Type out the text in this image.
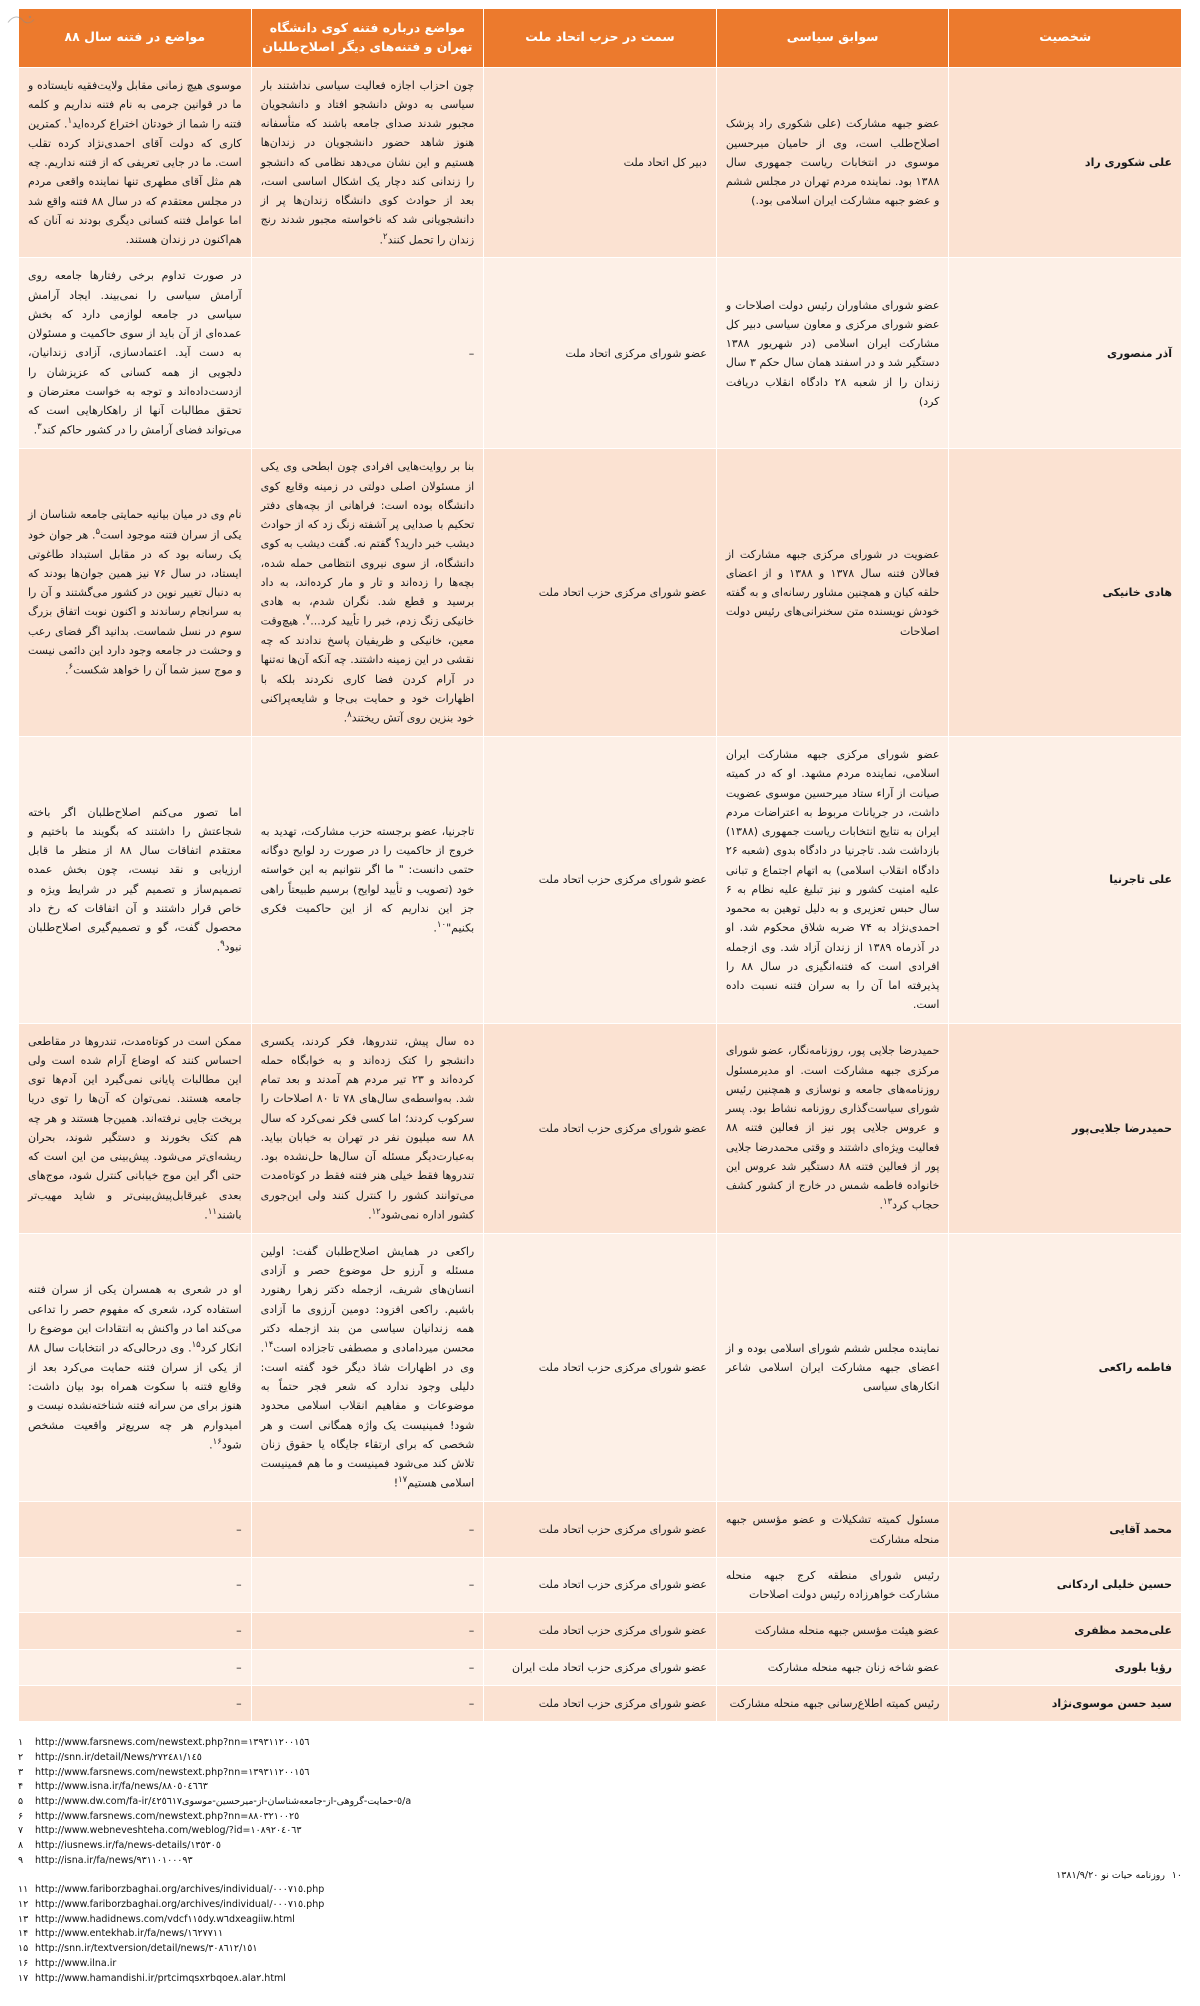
شخصیت	سوابق سیاسی	سمت در حزب اتحاد ملت	مواضع درباره فتنه کوی دانشگاه تهران و فتنه‌های دیگر اصلاح‌طلبان	مواضع در فتنه سال ۸۸
علی شکوری راد	عضو جبهه مشارکت (علی شکوری راد پزشک اصلاح‌طلب است، وی از حامیان میرحسین موسوی در انتخابات ریاست جمهوری سال ۱۳۸۸ بود. نماینده مردم تهران در مجلس ششم و عضو جبهه مشارکت ایران اسلامی بود.)	دبیر کل اتحاد ملت	چون احزاب اجازه فعالیت سیاسی نداشتند بار سیاسی به دوش دانشجو افتاد و دانشجویان مجبور شدند صدای جامعه باشند که متأسفانه هنوز شاهد حضور دانشجویان در زندان‌ها هستیم و این نشان می‌دهد نظامی که دانشجو را زندانی کند دچار یک اشکال اساسی است، بعد از حوادث کوی دانشگاه زندان‌ها پر از دانشجویانی شد که ناخواسته مجبور شدند رنج زندان را تحمل کنند$^۲$.	موسوی هیچ زمانی مقابل ولایت‌فقیه نایستاده و ما در قوانین جرمی به نام فتنه نداریم و کلمه فتنه را شما از خودتان اختراع کرده‌اید$^۱$. کمترین کاری که دولت آقای احمدی‌نژاد کرده تقلب است. ما در جایی تعریفی که از فتنه نداریم. چه هم مثل آقای مطهری تنها نماینده واقعی مردم در مجلس معتقدم که در سال ۸۸ فتنه واقع شد اما عوامل فتنه کسانی دیگری بودند نه آنان که هم‌اکنون در زندان هستند.
آذر منصوری	عضو شورای مشاوران رئیس دولت اصلاحات و عضو شورای مرکزی و معاون سیاسی دبیر کل مشارکت ایران اسلامی (در شهریور ۱۳۸۸ دستگیر شد و در اسفند همان سال حکم ۳ سال زندان را از شعبه ۲۸ دادگاه انقلاب دریافت کرد)	عضو شورای مرکزی اتحاد ملت	–	در صورت تداوم برخی رفتارها جامعه روی آرامش سیاسی را نمی‌بیند. ایجاد آرامش سیاسی در جامعه لوازمی دارد که بخش عمده‌ای از آن باید از سوی حاکمیت و مسئولان به دست آید. اعتمادسازی، آزادی زندانیان، دلجویی از همه کسانی که عزیزشان را ازدست‌داده‌اند و توجه به خواست معترضان و تحقق مطالبات آنها از راهکارهایی است که می‌تواند فضای آرامش را در کشور حاکم کند$^۳$.
هادی خانیکی	عضویت در شورای مرکزی جبهه مشارکت از فعالان فتنه سال ۱۳۷۸ و ۱۳۸۸ و از اعضای حلقه کیان و همچنین مشاور رسانه‌ای و به گفته خودش نویسنده متن سخنرانی‌های رئیس دولت اصلاحات	عضو شورای مرکزی حزب اتحاد ملت	بنا بر روایت‌هایی افرادی چون ابطحی وی یکی از مسئولان اصلی دولتی در زمینه وقایع کوی دانشگاه بوده است: فراهانی از بچه‌های دفتر تحکیم با صدایی پر آشفته زنگ زد که از حوادث دیشب خبر دارید؟ گفتم نه. گفت دیشب به کوی دانشگاه، از سوی نیروی انتظامی حمله شده، بچه‌ها را زده‌اند و تار و مار کرده‌اند، به داد برسید و قطع شد. نگران شدم، به هادی خانیکی زنگ زدم، خبر را تأیید کرد...$^۷$. هیچ‌وقت معین، خانیکی و ظریفیان پاسخ ندادند که چه نقشی در این زمینه داشتند. چه آنکه آن‌ها نه‌تنها در آرام کردن فضا کاری نکردند بلکه با اظهارات خود و حمایت بی‌جا و شایعه‌پراکنی خود بنزین روی آتش ریختند$^۸$.	نام وی در میان بیانیه حمایتی جامعه شناسان از یکی از سران فتنه موجود است$^۵$. هر جوان خود یک رسانه بود که در مقابل استبداد طاغوتی ایستاد، در سال ۷۶ نیز همین جوان‌ها بودند که به دنبال تغییر نوین در کشور می‌گشتند و آن را به سرانجام رساندند و اکنون نوبت اتفاق بزرگ سوم در نسل شماست. بدانید اگر فضای رعب و وحشت در جامعه وجود دارد این دائمی نیست و موج سبز شما آن را خواهد شکست$^۶$.
علی تاجرنیا	عضو شورای مرکزی جبهه مشارکت ایران اسلامی، نماینده مردم مشهد. او که در کمیته صیانت از آراء ستاد میرحسین موسوی عضویت داشت، در جریانات مربوط به اعتراضات مردم ایران به نتایج انتخابات ریاست جمهوری (۱۳۸۸) بازداشت شد. تاجرنیا در دادگاه بدوی (شعبه ۲۶ دادگاه انقلاب اسلامی) به اتهام اجتماع و تبانی علیه امنیت کشور و نیز تبلیغ علیه نظام به ۶ سال حبس تعزیری و به دلیل توهین به محمود احمدی‌نژاد به ۷۴ ضربه شلاق محکوم شد. او در آذرماه ۱۳۸۹ از زندان آزاد شد. وی از‌جمله افرادی است که فتنه‌انگیزی در سال ۸۸ را پذیرفته اما آن را به سران فتنه نسبت داده است.	عضو شورای مرکزی حزب اتحاد ملت	تاجرنیا، عضو برجسته حزب مشارکت، تهدید به خروج از حاکمیت را در صورت رد لوایح دوگانه حتمی دانست: " ما اگر نتوانیم به این خواسته خود (تصویب و تأیید لوایح) برسیم طبیعتاً راهی جز این نداریم که از این حاکمیت فکری بکنیم"$^{۱۰}$.	اما تصور می‌کنم اصلاح‌طلبان اگر باخته شجاعتش را داشتند که بگویند ما باختیم و معتقدم اتفاقات سال ۸۸ از منظر ما قابل ارزیابی و نقد نیست، چون بخش عمده تصمیم‌ساز و تصمیم گیر در شرایط ویژه و خاص قرار داشتند و آن اتفاقات که رخ داد محصول گفت، گو و تصمیم‌گیری اصلاح‌طلبان نبود$^۹$.
حمیدرضا جلایی‌پور	حمیدرضا جلایی پور، روزنامه‌نگار، عضو شورای مرکزی جبهه مشارکت است. او مدیرمسئول روزنامه‌های جامعه و نوسازی و همچنین رئیس شورای سیاست‌گذاری روزنامه نشاط بود. پسر و عروس جلایی پور نیز از فعالین فتنه ۸۸ فعالیت ویژه‌ای داشتند و وقتی محمدرضا جلایی پور از فعالین فتنه ۸۸ دستگیر شد عروس این خانواده فاطمه شمس در خارج از کشور کشف حجاب کرد$^{۱۳}$.	عضو شورای مرکزی حزب اتحاد ملت	ده سال پیش، تندروها، فکر کردند، یکسری دانشجو را کتک زده‌اند و به خوابگاه حمله کرده‌اند و ۲۳ تیر مردم هم آمدند و بعد تمام شد. به‌واسطه‌ی سال‌های ۷۸ تا ۸۰ اصلاحات را سرکوب کردند؛ اما کسی فکر نمی‌کرد که سال ۸۸ سه میلیون نفر در تهران به خیابان بیاید. به‌عبارت‌دیگر مسئله آن سال‌ها حل‌نشده بود. تندروها فقط خیلی هنر فتنه فقط در کوتاه‌مدت می‌توانند کشور را کنترل کنند ولی این‌جوری کشور اداره نمی‌شود$^{۱۲}$.	ممکن است در کوتاه‌مدت، تندروها در مقاطعی احساس کنند که اوضاع آرام شده است ولی این مطالبات پایانی نمی‌گیرد این آدم‌ها توی جامعه هستند. نمی‌توان که آن‌ها را توی دریا بریخت جایی نرفته‌اند. همین‌جا هستند و هر چه هم کتک بخورند و دستگیر شوند، بحران ریشه‌ای‌تر می‌شود. پیش‌بینی من این است که حتی اگر این موج خیابانی کنترل شود، موج‌های بعدی غیرقابل‌پیش‌بینی‌تر و شاید مهیب‌تر باشند$^{۱۱}$.
فاطمه راکعی	نماینده مجلس ششم شورای اسلامی بوده و از اعضای جبهه مشارکت ایران اسلامی شاعر انکارهای سیاسی	عضو شورای مرکزی حزب اتحاد ملت	راکعی در همایش اصلاح‌طلبان گفت: اولین مسئله و آرزو حل موضوع حصر و آزادی انسان‌های شریف، ازجمله دکتر زهرا رهنورد باشیم. راکعی افزود: دومین آرزوی ما آزادی همه زندانیان سیاسی من بند ازجمله دکتر محسن میردامادی و مصطفی تاجزاده است$^{۱۴}$. وی در اظهارات شاذ دیگر خود گفته است: دلیلی وجود ندارد که شعر فجر حتماً به موضوعات و مفاهیم انقلاب اسلامی محدود شود! فمینیست یک واژه همگانی است و هر شخصی که برای ارتقاء جایگاه یا حقوق زنان تلاش کند می‌شود فمینیست و ما هم فمینیست اسلامی هستیم$^{۱۷}$!	او در شعری به همسران یکی از سران فتنه استفاده کرد، شعری که مفهوم حصر را تداعی می‌کند اما در واکنش به انتقادات این موضوع را انکار کرد$^{۱۵}$. وی درحالی‌که در انتخابات سال ۸۸ از یکی از سران فتنه حمایت می‌کرد بعد از وقایع فتنه با سکوت همراه بود بیان داشت: هنوز برای من سرانه فتنه شناخته‌نشده نیست و امیدوارم هر چه سریع‌تر واقعیت مشخص شود$^{۱۶}$.
محمد آقایی	مسئول کمیته تشکیلات و عضو مؤسس جبهه منحله مشارکت	عضو شورای مرکزی حزب اتحاد ملت	–	–
حسین خلیلی اردکانی	رئیس شورای منطقه کرج جبهه منحله مشارکت خواهرزاده رئیس دولت اصلاحات	عضو شورای مرکزی حزب اتحاد ملت	–	–
علی‌محمد مظفری	عضو هیئت مؤسس جبهه منحله مشارکت	عضو شورای مرکزی حزب اتحاد ملت	–	–
رؤیا بلوری	عضو شاخه زنان جبهه منحله مشارکت	عضو شورای مرکزی حزب اتحاد ملت ایران	–	–
سید حسن موسوی‌نژاد	رئیس کمیته اطلاع‌رسانی جبهه منحله مشارکت	عضو شورای مرکزی حزب اتحاد ملت	–	–
۱ http://www.farsnews.com/newstext.php?nn=۱۳۹۳۱۱۲۰۰۱٥٦
۲ http://snn.ir/detail/News/۲۷۲٤۸۱/۱٤٥
۳ http://www.farsnews.com/newstext.php?nn=۱۳۹۳۱۱۲۰۰۱٥٦
۴ http://www.isna.ir/fa/news/۸۸۰٥۰٤٦٦۳
۵ http://www.dw.com/fa-ir/٤۲٥٦۱۷٥-حمایت-گروهی-از-جامعه‌شناسان-از-میرحسین-موسوی/a
۶ http://www.farsnews.com/newstext.php?nn=۸۸۰۳۲۱۰۰۲٥
۷ http://www.webneveshteha.com/weblog/?id=۱۰۸۹۲۰٤۰٦۳
۸ http://iusnews.ir/fa/news-details/۱۳٥۳۰٥
۹ http://isna.ir/fa/news/۹۳۱۱۰۱۰۰۰۹۳
۱۰ روزنامه حیات نو ۱۳۸۱/۹/۲۰
۱۱ http://www.fariborzbaghai.org/archives/individual/۰۰۰۷۱٥.php
۱۲ http://www.fariborzbaghai.org/archives/individual/۰۰۰۷۱٥.php
۱۳ http://www.hadidnews.com/vdcf۱۱٥dy.w٦dxeagiiw.html
۱۴ http://www.entekhab.ir/fa/news/۱٦۲۷۷۱۱
۱۵ http://snn.ir/textversion/detail/news/۳۰۸٦۱۲/۱٥۱
۱۶ http://www.ilna.ir
۱۷ http://www.hamandishi.ir/prtcimqsx۲bqoe۸.ala۲.html
